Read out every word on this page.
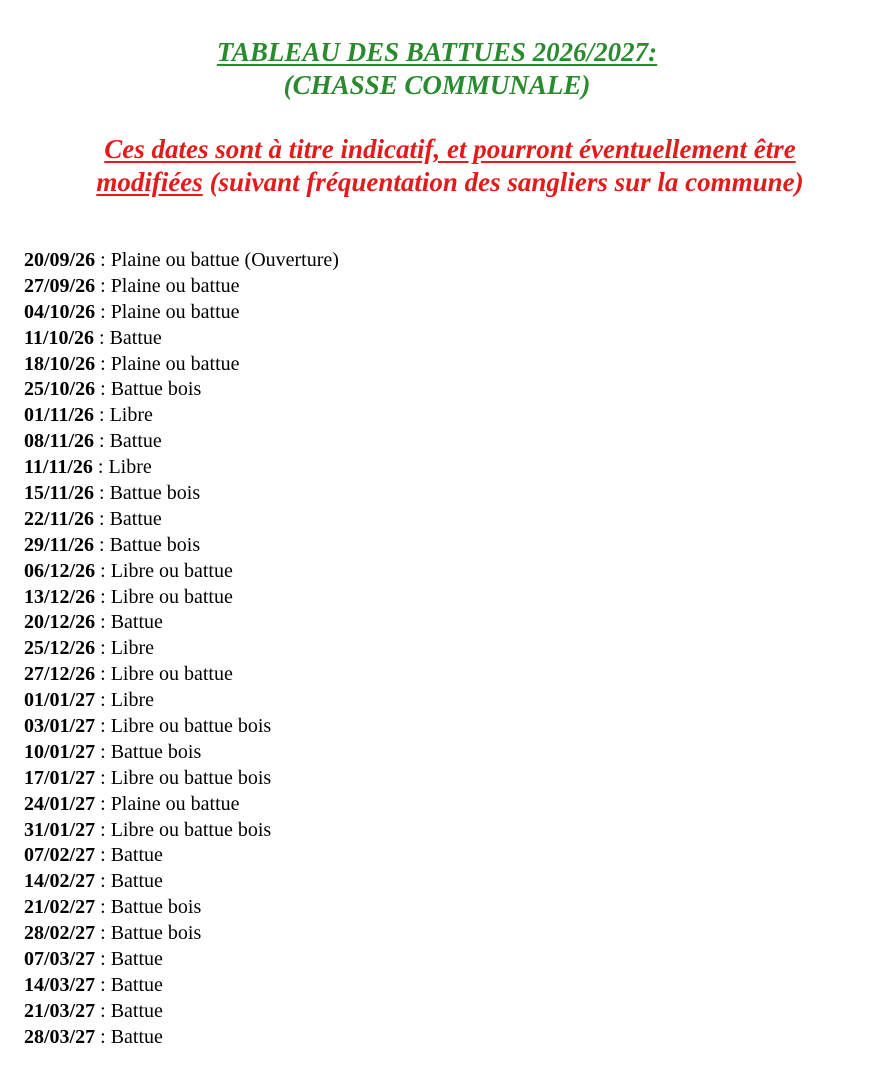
TABLEAU DES BATTUES 2026/2027:
(CHASSE COMMUNALE)

Ces dates sont à titre indicatif, et pourront éventuellement être modifiées (suivant fréquentation des sangliers sur la commune)

20/09/26 : Plaine ou battue (Ouverture)
27/09/26 : Plaine ou battue
04/10/26 : Plaine ou battue
11/10/26 : Battue
18/10/26 : Plaine ou battue
25/10/26 : Battue bois
01/11/26 : Libre
08/11/26 : Battue
11/11/26 : Libre
15/11/26 : Battue bois
22/11/26 : Battue
29/11/26 : Battue bois
06/12/26 : Libre ou battue
13/12/26 : Libre ou battue
20/12/26 : Battue
25/12/26 : Libre
27/12/26 : Libre ou battue
01/01/27 : Libre
03/01/27 : Libre ou battue bois
10/01/27 : Battue bois
17/01/27 : Libre ou battue bois
24/01/27 : Plaine ou battue
31/01/27 : Libre ou battue bois
07/02/27 : Battue
14/02/27 : Battue
21/02/27 : Battue bois
28/02/27 : Battue bois
07/03/27 : Battue
14/03/27 : Battue
21/03/27 : Battue
28/03/27 : Battue
